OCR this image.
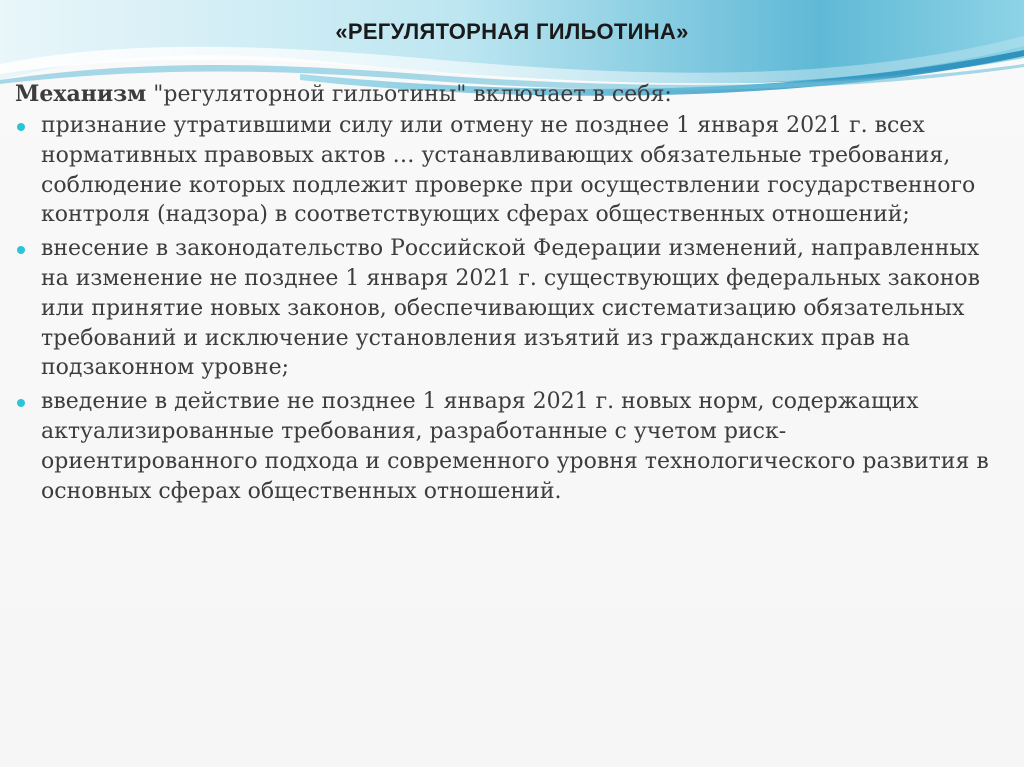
«РЕГУЛЯТОРНАЯ ГИЛЬОТИНА»

Механизм "регуляторной гильотины" включает в себя:

признание утратившими силу или отмену не позднее 1 января 2021 г. всех нормативных правовых актов … устанавливающих обязательные требования, соблюдение которых подлежит проверке при осуществлении государственного контроля (надзора) в соответствующих сферах общественных отношений;
внесение в законодательство Российской Федерации изменений, направленных на изменение не позднее 1 января 2021 г. существующих федеральных законов или принятие новых законов, обеспечивающих систематизацию обязательных требований и исключение установления изъятий из гражданских прав на подзаконном уровне;
введение в действие не позднее 1 января 2021 г. новых норм, содержащих актуализированные требования, разработанные с учетом риск-ориентированного подхода и современного уровня технологического развития в основных сферах общественных отношений.
